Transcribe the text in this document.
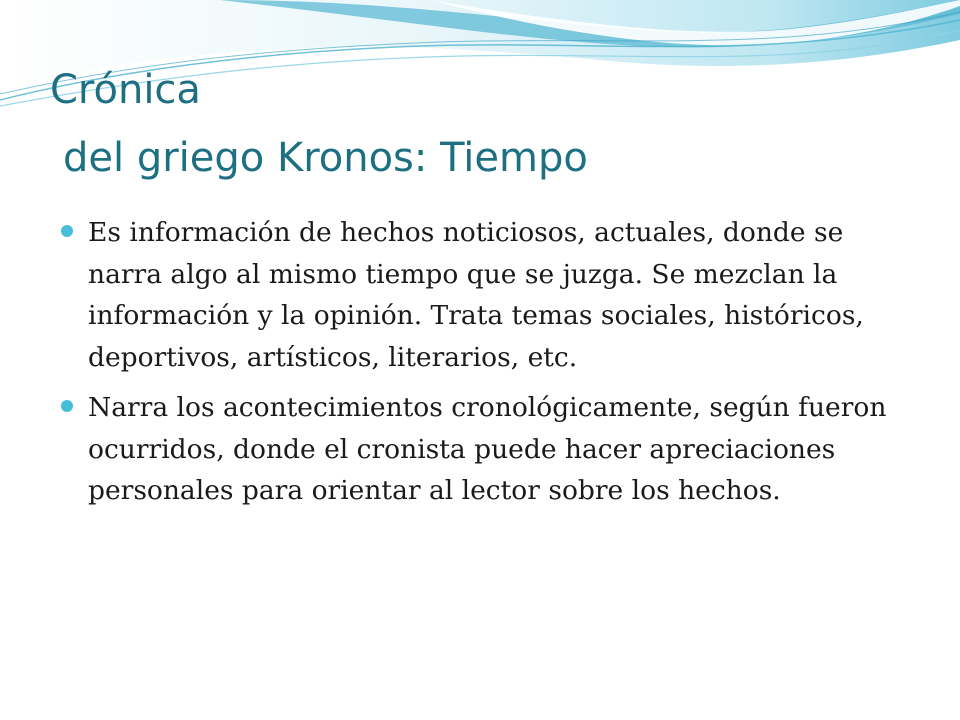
Crónica
del griego Kronos: Tiempo
Es información de hechos noticiosos, actuales, donde se narra algo al mismo tiempo que se juzga. Se mezclan la información y la opinión. Trata temas sociales, históricos, deportivos, artísticos, literarios, etc.
Narra los acontecimientos cronológicamente, según fueron ocurridos, donde el cronista puede hacer apreciaciones personales para orientar al lector sobre los hechos.
